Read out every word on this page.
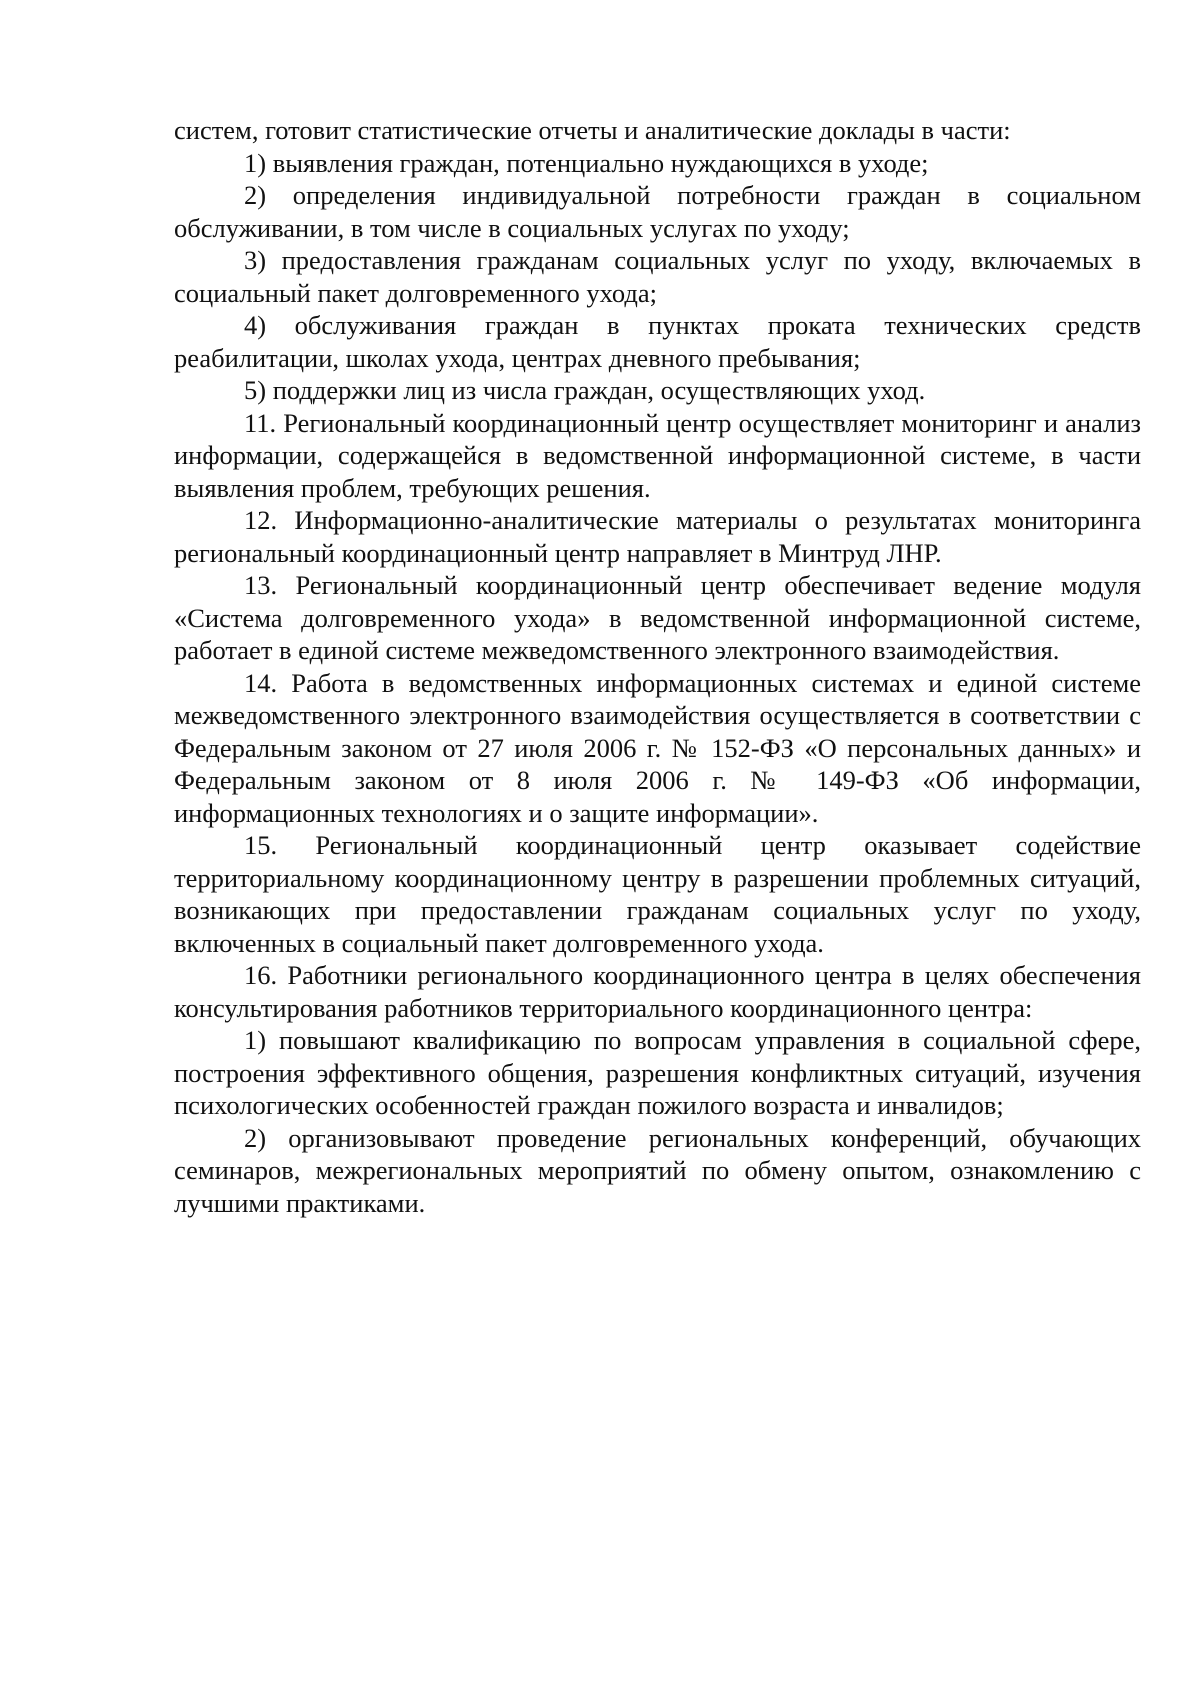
систем, готовит статистические отчеты и аналитические доклады в части:

1) выявления граждан, потенциально нуждающихся в уходе;

2) определения индивидуальной потребности граждан в социальном обслуживании, в том числе в социальных услугах по уходу;

3) предоставления гражданам социальных услуг по уходу, включаемых в социальный пакет долговременного ухода;

4) обслуживания граждан в пунктах проката технических средств реабилитации, школах ухода, центрах дневного пребывания;

5) поддержки лиц из числа граждан, осуществляющих уход.

11. Региональный координационный центр осуществляет мониторинг и анализ информации, содержащейся в ведомственной информационной системе, в части выявления проблем, требующих решения.

12. Информационно-аналитические материалы о результатах мониторинга региональный координационный центр направляет в Минтруд ЛНР.

13. Региональный координационный центр обеспечивает ведение модуля «Система долговременного ухода» в ведомственной информационной системе, работает в единой системе межведомственного электронного взаимодействия.

14. Работа в ведомственных информационных системах и единой системе межведомственного электронного взаимодействия осуществляется в соответствии с Федеральным законом от 27 июля 2006 г. № 152-ФЗ «О персональных данных» и Федеральным законом от 8 июля 2006 г. № 149-ФЗ «Об информации, информационных технологиях и о защите информации».

15. Региональный координационный центр оказывает содействие территориальному координационному центру в разрешении проблемных ситуаций, возникающих при предоставлении гражданам социальных услуг по уходу, включенных в социальный пакет долговременного ухода.

16. Работники регионального координационного центра в целях обеспечения консультирования работников территориального координационного центра:

1) повышают квалификацию по вопросам управления в социальной сфере, построения эффективного общения, разрешения конфликтных ситуаций, изучения психологических особенностей граждан пожилого возраста и инвалидов;

2) организовывают проведение региональных конференций, обучающих семинаров, межрегиональных мероприятий по обмену опытом, ознакомлению с лучшими практиками.
